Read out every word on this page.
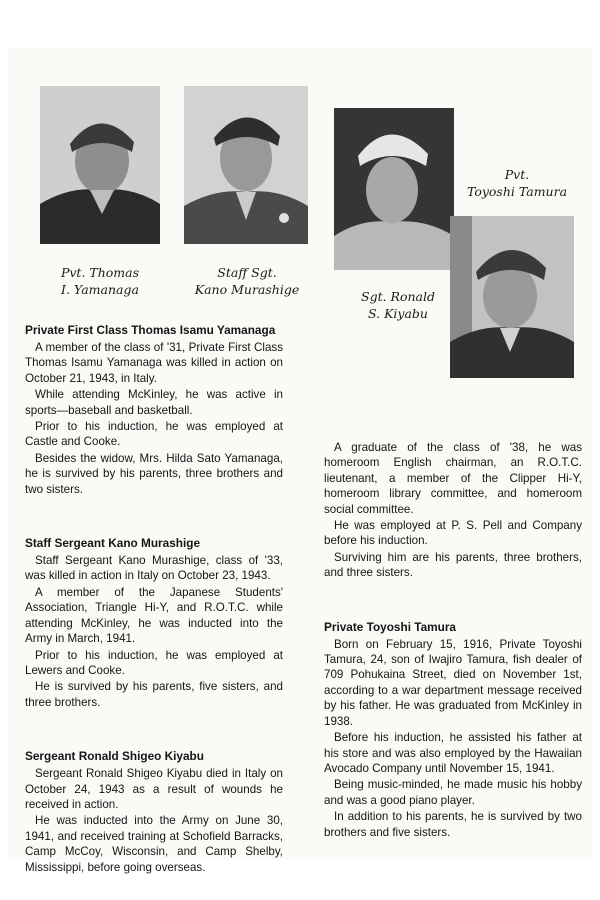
Pvt. Thomas
I. Yamanaga
Staff Sgt.
Kano Murashige	Sgt. Ronald
S. Kiyabu
Pvt.
Toyoshi Tamura
Private First Class Thomas Isamu Yamanaga

A member of the class of '31, Private First Class Thomas Isamu Yamanaga was killed in action on October 21, 1943, in Italy.

While attending McKinley, he was active in sports—baseball and basketball.

Prior to his induction, he was employed at Castle and Cooke.

Besides the widow, Mrs. Hilda Sato Yamanaga, he is survived by his parents, three brothers and two sisters.

Staff Sergeant Kano Murashige

Staff Sergeant Kano Murashige, class of '33, was killed in action in Italy on October 23, 1943.

A member of the Japanese Students' Association, Triangle Hi-Y, and R.O.T.C. while attending McKinley, he was inducted into the Army in March, 1941.

Prior to his induction, he was employed at Lewers and Cooke.

He is survived by his parents, five sisters, and three brothers.

Sergeant Ronald Shigeo Kiyabu

Sergeant Ronald Shigeo Kiyabu died in Italy on October 24, 1943 as a result of wounds he received in action.

He was inducted into the Army on June 30, 1941, and received training at Schofield Barracks, Camp McCoy, Wisconsin, and Camp Shelby, Mississippi, before going overseas.

A graduate of the class of '38, he was homeroom English chairman, an R.O.T.C. lieutenant, a member of the Clipper Hi-Y, homeroom library committee, and homeroom social committee.

He was employed at P. S. Pell and Company before his induction.

Surviving him are his parents, three brothers, and three sisters.

Private Toyoshi Tamura

Born on February 15, 1916, Private Toyoshi Tamura, 24, son of Iwajiro Tamura, fish dealer of 709 Pohukaina Street, died on November 1st, according to a war department message received by his father. He was graduated from McKinley in 1938.

Before his induction, he assisted his father at his store and was also employed by the Hawaiian Avocado Company until November 15, 1941.

Being music-minded, he made music his hobby and was a good piano player.

In addition to his parents, he is survived by two brothers and five sisters.
